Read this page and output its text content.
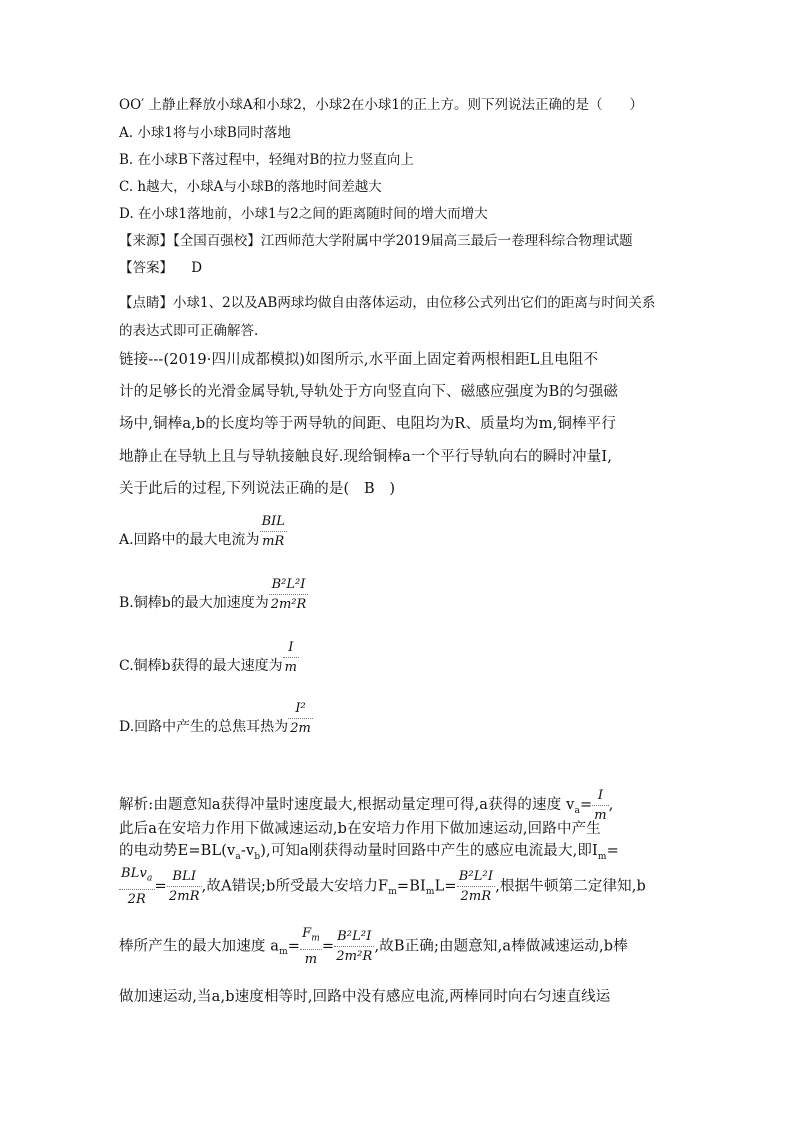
OO′ 上静止释放小球A和小球2，小球2在小球1的正上方。则下列说法正确的是（　　）
A. 小球1将与小球B同时落地
B. 在小球B下落过程中，轻绳对B的拉力竖直向上
C. h越大，小球A与小球B的落地时间差越大
D. 在小球1落地前，小球1与2之间的距离随时间的增大而增大
【来源】【全国百强校】江西师范大学附属中学2019届高三最后一卷理科综合物理试题
【答案】 D
【点睛】小球1、2以及AB两球均做自由落体运动，由位移公式列出它们的距离与时间关系
的表达式即可正确解答.
链接---(2019·四川成都模拟)如图所示,水平面上固定着两根相距L且电阻不
计的足够长的光滑金属导轨,导轨处于方向竖直向下、磁感应强度为B的匀强磁
场中,铜棒a,b的长度均等于两导轨的间距、电阻均为R、质量均为m,铜棒平行
地静止在导轨上且与导轨接触良好.现给铜棒a一个平行导轨向右的瞬时冲量I,
关于此后的过程,下列说法正确的是(　B　)
A.回路中的最大电流为 $\frac{\text{BIL}}{mR}$
B.铜棒b的最大加速度为 $\frac{\text{B²L²I}}{\text{2m²R}}$
C.铜棒b获得的最大速度为 $\frac{I}{m}$
D.回路中产生的总焦耳热为 $\frac{\text{I²}}{2m}$
解析:由题意知a获得冲量时速度最大,根据动量定理可得,a获得的速度 $v_a= \frac{I}{m}$ ,
此后a在安培力作用下做减速运动,b在安培力作用下做加速运动,回路中产生
的电动势$E=BL(v_a-v_b)$,可知a刚获得动量时回路中产生的感应电流最大,即$I_m=$
$\frac{BLv_a}{2R} = \frac{\text{BLI}}{2mR}$ ,故A错误;b所受最大安培力$F_m=BI_mL= \frac{\text{B²L²I}}{2mR}$ ,根据牛顿第二定律知,b
棒所产生的最大加速度 $a_m= \frac{F_m}{m} = \frac{\text{B²L²I}}{\text{2m²R}}$ ,故B正确;由题意知,a棒做减速运动,b棒
做加速运动,当a,b速度相等时,回路中没有感应电流,两棒同时向右匀速直线运
